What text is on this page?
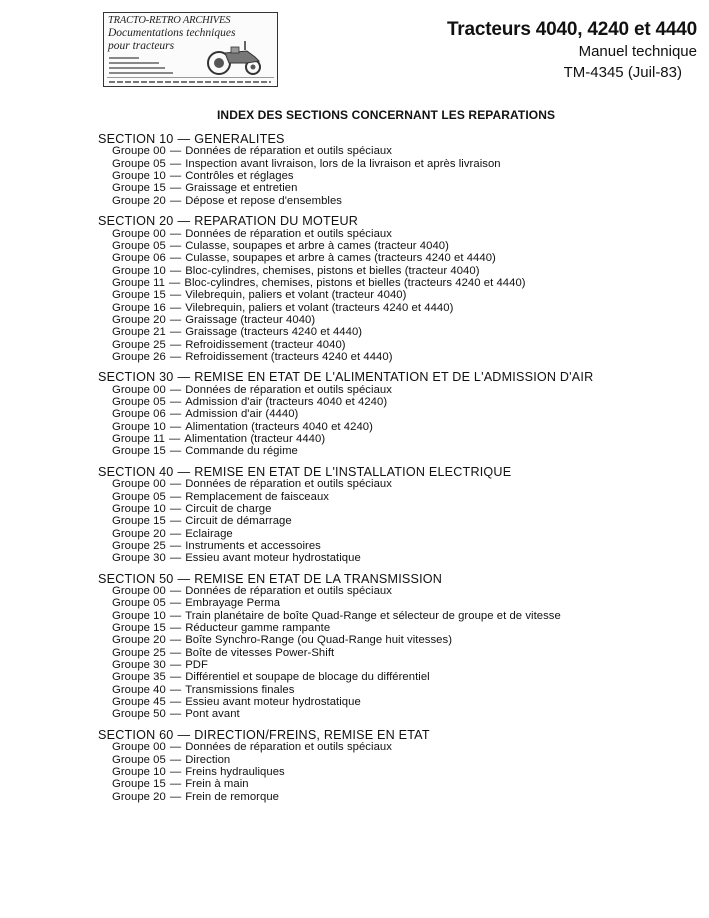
TRACTO-RETRO ARCHIVES
Documentations techniques
pour tracteurs
Tracteurs 4040, 4240 et 4440
Manuel technique
TM-4345 (Juil-83)
INDEX DES SECTIONS CONCERNANT LES REPARATIONS
SECTION 10 — GENERALITES
Groupe 00 — Données de réparation et outils spéciaux
Groupe 05 — Inspection avant livraison, lors de la livraison et après livraison
Groupe 10 — Contrôles et réglages
Groupe 15 — Graissage et entretien
Groupe 20 — Dépose et repose d'ensembles
SECTION 20 — REPARATION DU MOTEUR
Groupe 00 — Données de réparation et outils spéciaux
Groupe 05 — Culasse, soupapes et arbre à cames (tracteur 4040)
Groupe 06 — Culasse, soupapes et arbre à cames (tracteurs 4240 et 4440)
Groupe 10 — Bloc-cylindres, chemises, pistons et bielles (tracteur 4040)
Groupe 11 — Bloc-cylindres, chemises, pistons et bielles (tracteurs 4240 et 4440)
Groupe 15 — Vilebrequin, paliers et volant (tracteur 4040)
Groupe 16 — Vilebrequin, paliers et volant (tracteurs 4240 et 4440)
Groupe 20 — Graissage (tracteur 4040)
Groupe 21 — Graissage (tracteurs 4240 et 4440)
Groupe 25 — Refroidissement (tracteur 4040)
Groupe 26 — Refroidissement (tracteurs 4240 et 4440)
SECTION 30 — REMISE EN ETAT DE L'ALIMENTATION ET DE L'ADMISSION D'AIR
Groupe 00 — Données de réparation et outils spéciaux
Groupe 05 — Admission d'air (tracteurs 4040 et 4240)
Groupe 06 — Admission d'air (4440)
Groupe 10 — Alimentation (tracteurs 4040 et 4240)
Groupe 11 — Alimentation (tracteur 4440)
Groupe 15 — Commande du régime
SECTION 40 — REMISE EN ETAT DE L'INSTALLATION ELECTRIQUE
Groupe 00 — Données de réparation et outils spéciaux
Groupe 05 — Remplacement de faisceaux
Groupe 10 — Circuit de charge
Groupe 15 — Circuit de démarrage
Groupe 20 — Eclairage
Groupe 25 — Instruments et accessoires
Groupe 30 — Essieu avant moteur hydrostatique
SECTION 50 — REMISE EN ETAT DE LA TRANSMISSION
Groupe 00 — Données de réparation et outils spéciaux
Groupe 05 — Embrayage Perma
Groupe 10 — Train planétaire de boîte Quad-Range et sélecteur de groupe et de vitesse
Groupe 15 — Réducteur gamme rampante
Groupe 20 — Boîte Synchro-Range (ou Quad-Range huit vitesses)
Groupe 25 — Boîte de vitesses Power-Shift
Groupe 30 — PDF
Groupe 35 — Différentiel et soupape de blocage du différentiel
Groupe 40 — Transmissions finales
Groupe 45 — Essieu avant moteur hydrostatique
Groupe 50 — Pont avant
SECTION 60 — DIRECTION/FREINS, REMISE EN ETAT
Groupe 00 — Données de réparation et outils spéciaux
Groupe 05 — Direction
Groupe 10 — Freins hydrauliques
Groupe 15 — Frein à main
Groupe 20 — Frein de remorque
